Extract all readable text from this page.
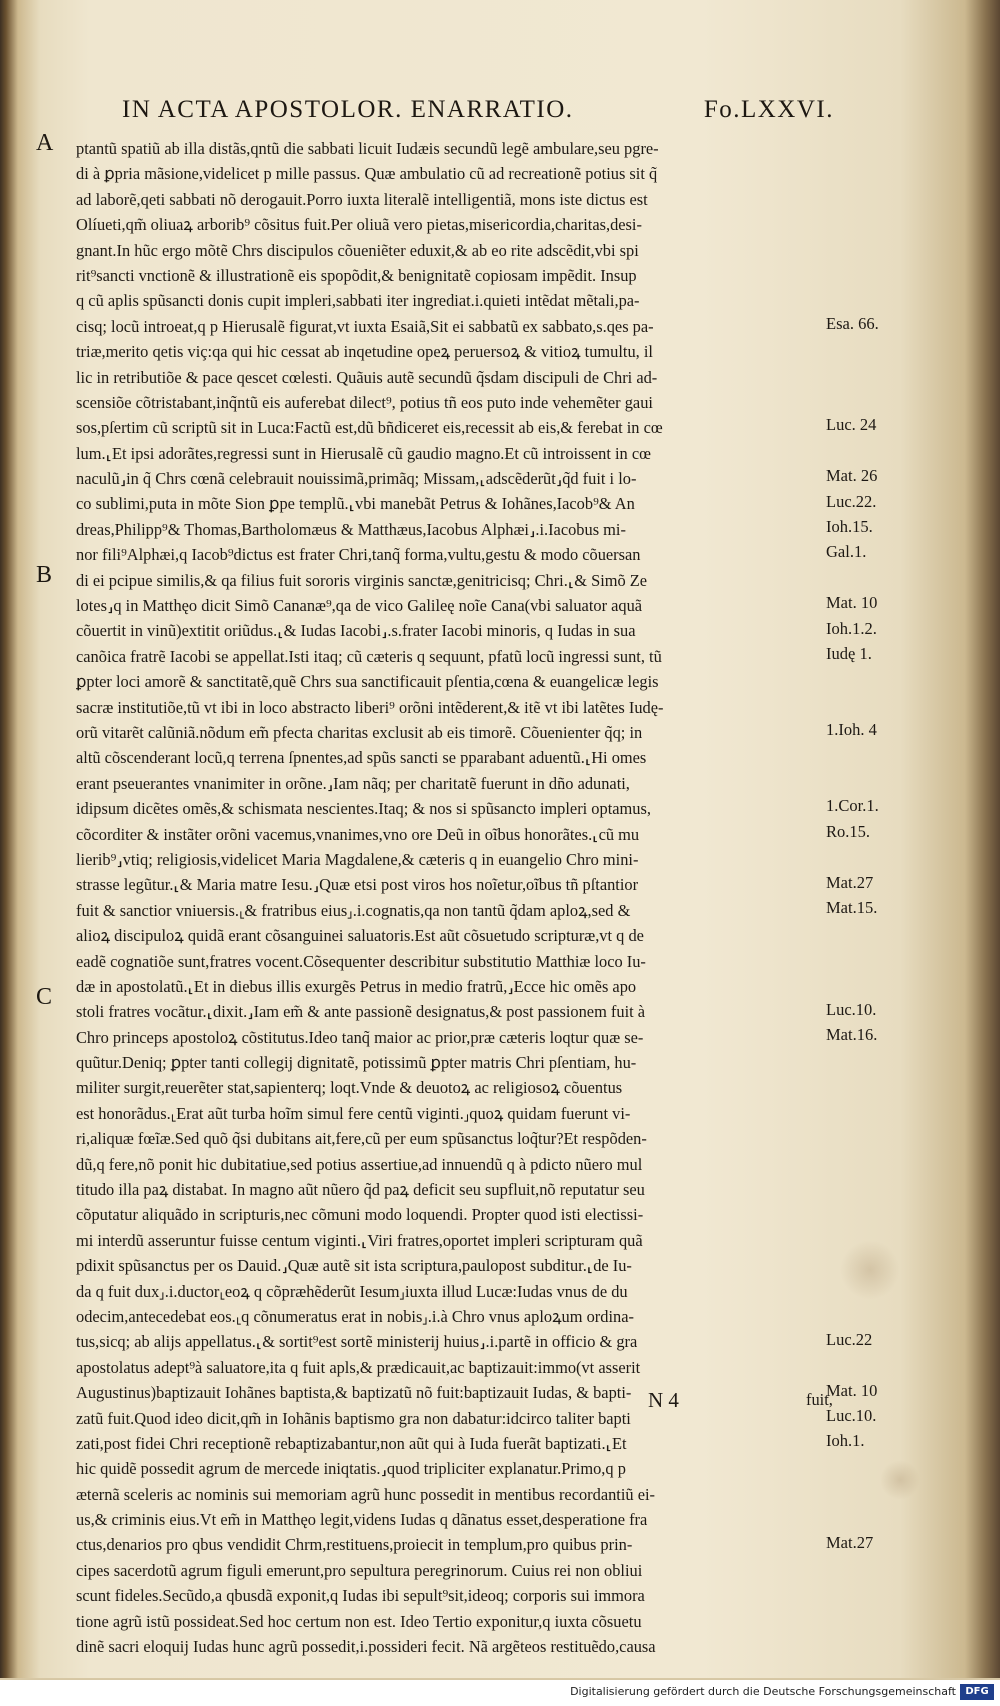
IN ACTA APOSTOLOR. ENARRATIO.	Fo.LXXVI.
A
B
C
ptantũ spatiũ ab illa distãs,qntũ die sabbati licuit Iudæis secundũ legẽ ambulare,seu pgre-
di à ꝑpria mãsione,videlicet p mille passus. Quæ ambulatio cũ ad recreationẽ potius sit q̃
ad laborẽ,qeti sabbati nõ derogauit.Porro iuxta literalẽ intelligentiã, mons iste dictus est
Olíueti,qm̃ oliuaꝝ arborib⁹ cõsitus fuit.Per oliuã vero pietas,misericordia,charitas,desi-
gnant.In hũc ergo mõtẽ Chrs discipulos cõueniẽter eduxit,& ab eo rite adscẽdit,vbi spi
rit⁹sancti vnctionẽ & illustrationẽ eis spopõdit,& benignitatẽ copiosam impẽdit. Insup
q cũ aplis spũsancti donis cupit impleri,sabbati iter ingrediat.i.quieti intẽdat mẽtali,pa-
cisq; locũ introeat,q p Hierusalẽ figurat,vt iuxta Esaiã,Sit ei sabbatũ ex sabbato,s.qes pa-
triæ,merito qetis viç:qa qui hic cessat ab inqetudine opeꝝ peruersoꝝ & vitioꝝ tumultu, il
lic in retributiõe & pace qescet cœlesti. Quãuis autẽ secundũ q̃sdam discipuli de Chri ad-
scensiõe cõtristabant,inq̃ntũ eis auferebat dilect⁹, potius tñ eos puto inde vehemẽter gaui
sos,pſertim cũ scriptũ sit in Luca:Factũ est,dũ bñdiceret eis,recessit ab eis,& ferebat in cœ
lum.⸤Et ipsi adorãtes,regressi sunt in Hierusalẽ cũ gaudio magno.Et cũ introissent in cœ
naculũ⸥in q̃ Chrs cœnã celebrauit nouissimã,primãq; Missam,⸤adscẽderũt⸥q̃d fuit i lo-
co sublimi,puta in mõte Sion ꝑpe templũ.⸤vbi manebãt Petrus & Iohãnes,Iacob⁹& An
dreas,Philipp⁹& Thomas,Bartholomæus & Matthæus,Iacobus Alphæi⸥.i.Iacobus mi-
nor fili⁹Alphæi,q Iacob⁹dictus est frater Chri,tanq̃ forma,vultu,gestu & modo cõuersan
di ei pcipue similis,& qa filius fuit sororis virginis sanctæ,genitricisq; Chri.⸤& Simõ Ze
lotes⸥q in Matthęo dicit Simõ Cananæ⁹,qa de vico Galileę noĩe Cana(vbi saluator aquã
cõuertit in vinũ)extitit oriũdus.⸤& Iudas Iacobi⸥.s.frater Iacobi minoris, q Iudas in sua
canõica fratrẽ Iacobi se appellat.Isti itaq; cũ cæteris q sequunt, pfatũ locũ ingressi sunt, tũ
ꝑpter loci amorẽ & sanctitatẽ,quẽ Chrs sua sanctificauit pſentia,cœna & euangelicæ legis
sacræ institutiõe,tũ vt ibi in loco abstracto liberi⁹ orõni intẽderent,& itẽ vt ibi latẽtes Iudę-
orũ vitarẽt calũniã.nõdum em̃ pfecta charitas exclusit ab eis timorẽ. Cõuenienter q̃q; in
altũ cõscenderant locũ,q terrena ſpnentes,ad spũs sancti se pparabant aduentũ.⸤Hi omes
erant pseuerantes vnanimiter in orõne.⸥Iam nãq; per charitatẽ fuerunt in dño adunati,
idipsum dicẽtes omẽs,& schismata nescientes.Itaq; & nos si spũsancto impleri optamus,
cõcorditer & instãter orõni vacemus,vnanimes,vno ore Deũ in oĩbus honorãtes.⸤cũ mu
lierib⁹⸥vtiq; religiosis,videlicet Maria Magdalene,& cæteris q in euangelio Chro mini-
strasse legũtur.⸤& Maria matre Iesu.⸥Quæ etsi post viros hos noĩetur,oĩbus tñ pſtantior
fuit & sanctior vniuersis.⸤& fratribus eius⸥.i.cognatis,qa non tantũ q̃dam aploꝝ,sed &
alioꝝ discipuloꝝ quidã erant cõsanguinei saluatoris.Est aũt cõsuetudo scripturæ,vt q de
eadẽ cognatiõe sunt,fratres vocent.Cõsequenter describitur substitutio Matthiæ loco Iu-
dæ in apostolatũ.⸤Et in diebus illis exurgẽs Petrus in medio fratrũ,⸥Ecce hic omẽs apo
stoli fratres vocãtur.⸤dixit.⸥Iam em̃ & ante passionẽ designatus,& post passionem fuit à
Chro princeps apostoloꝝ cõstitutus.Ideo tanq̃ maior ac prior,præ cæteris loqtur quæ se-
quũtur.Deniq; ꝑpter tanti collegij dignitatẽ, potissimũ ꝑpter matris Chri pſentiam, hu-
militer surgit,reuerẽter stat,sapienterq; loqt.Vnde & deuotoꝝ ac religiosoꝝ cõuentus
est honorãdus.⸤Erat aũt turba hoĩm simul fere centũ viginti.⸥quoꝝ quidam fuerunt vi-
ri,aliquæ fœĩæ.Sed quõ q̃si dubitans ait,fere,cũ per eum spũsanctus loq̃tur?Et respõden-
dũ,q fere,nõ ponit hic dubitatiue,sed potius assertiue,ad innuendũ q à pdicto nũero mul
titudo illa paꝝ distabat. In magno aũt nũero q̃d paꝝ deficit seu supfluit,nõ reputatur seu
cõputatur aliquãdo in scripturis,nec cõmuni modo loquendi. Propter quod isti electissi-
mi interdũ asseruntur fuisse centum viginti.⸤Viri fratres,oportet impleri scripturam quã
pdixit spũsanctus per os Dauid.⸥Quæ autẽ sit ista scriptura,paulopost subditur.⸤de Iu-
da q fuit dux⸥.i.ductor⸤eoꝝ q cõpræhẽderũt Iesum⸥iuxta illud Lucæ:Iudas vnus de du
odecim,antecedebat eos.⸤q cõnumeratus erat in nobis⸥.i.à Chro vnus aploꝝum ordina-
tus,sicq; ab alijs appellatus.⸤& sortit⁹est sortẽ ministerij huius⸥.i.partẽ in officio & gra
apostolatus adept⁹à saluatore,ita q fuit apls,& prædicauit,ac baptizauit:immo(vt asserit
Augustinus)baptizauit Iohãnes baptista,& baptizatũ nõ fuit:baptizauit Iudas, & bapti-
zatũ fuit.Quod ideo dicit,qm̃ in Iohãnis baptismo gra non dabatur:idcirco taliter bapti
zati,post fidei Chri receptionẽ rebaptizabantur,non aũt qui à Iuda fuerãt baptizati.⸤Et
hic quidẽ possedit agrum de mercede iniqtatis.⸥quod tripliciter explanatur.Primo,q p
æternã sceleris ac nominis sui memoriam agrũ hunc possedit in mentibus recordantiũ ei-
us,& criminis eius.Vt em̃ in Matthęo legit,videns Iudas q dãnatus esset,desperatione fra
ctus,denarios pro qbus vendidit Chrm,restituens,proiecit in templum,pro quibus prin-
cipes sacerdotũ agrum figuli emerunt,pro sepultura peregrinorum. Cuius rei non obliui
scunt fideles.Secũdo,a qbusdã exponit,q Iudas ibi sepult⁹sit,ideoq; corporis sui immora
tione agrũ istũ possideat.Sed hoc certum non est. Ideo Tertio exponitur,q iuxta cõsuetu
dinẽ sacri eloquij Iudas hunc agrũ possedit,i.possideri fecit. Nã argẽteos restituẽdo,causa
Esa. 66.
Luc. 24
Mat. 26
Luc.22.
Ioh.15.
Gal.1.
Mat. 10
Ioh.1.2.
Iudę 1.
1.Ioh. 4
1.Cor.1.
Ro.15.
Mat.27
Mat.15.
Luc.10.
Mat.16.
Luc.22
Mat. 10
Luc.10.
Ioh.1.
Mat.27
N 4	fuit,
Digitalisierung gefördert durch die Deutsche Forschungsgemeinschaft DFG
